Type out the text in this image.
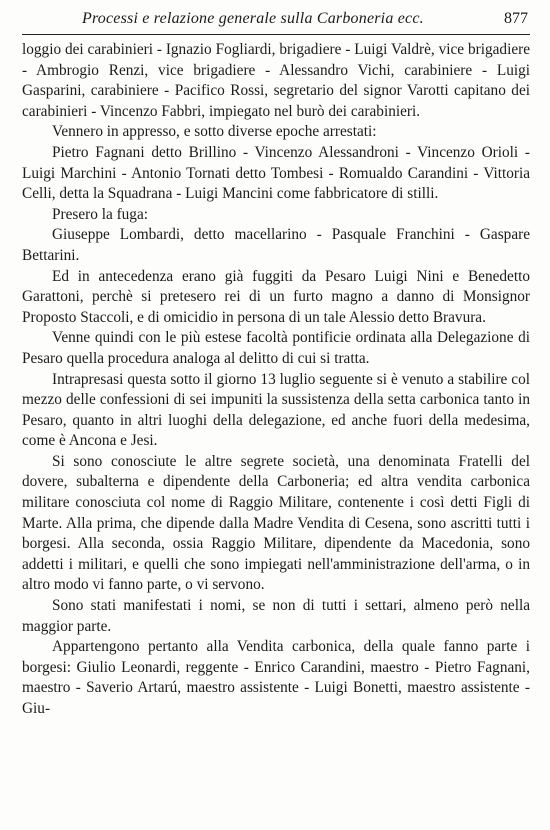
Processi e relazione generale sulla Carboneria ecc.	877

loggio dei carabinieri - Ignazio Fogliardi, brigadiere - Luigi Valdrè, vice brigadiere - Ambrogio Renzi, vice brigadiere - Alessandro Vichi, carabiniere - Luigi Gasparini, carabiniere - Pacifico Rossi, segretario del signor Varotti capitano dei carabinieri - Vincenzo Fabbri, impiegato nel burò dei carabinieri.

Vennero in appresso, e sotto diverse epoche arrestati:

Pietro Fagnani detto Brillino - Vincenzo Alessandroni - Vincenzo Orioli - Luigi Marchini - Antonio Tornati detto Tombesi - Romualdo Carandini - Vittoria Celli, detta la Squadrana - Luigi Mancini come fabbricatore di stilli.

Presero la fuga:

Giuseppe Lombardi, detto macellarino - Pasquale Franchini - Gaspare Bettarini.

Ed in antecedenza erano già fuggiti da Pesaro Luigi Nini e Benedetto Garattoni, perchè si pretesero rei di un furto magno a danno di Monsignor Proposto Staccoli, e di omicidio in persona di un tale Alessio detto Bravura.

Venne quindi con le più estese facoltà pontificie ordinata alla Delegazione di Pesaro quella procedura analoga al delitto di cui si tratta.

Intrapresasi questa sotto il giorno 13 luglio seguente si è venuto a stabilire col mezzo delle confessioni di sei impuniti la sussistenza della setta carbonica tanto in Pesaro, quanto in altri luoghi della delegazione, ed anche fuori della medesima, come è Ancona e Jesi.

Si sono conosciute le altre segrete società, una denominata Fratelli del dovere, subalterna e dipendente della Carboneria; ed altra vendita carbonica militare conosciuta col nome di Raggio Militare, contenente i così detti Figli di Marte. Alla prima, che dipende dalla Madre Vendita di Cesena, sono ascritti tutti i borgesi. Alla seconda, ossia Raggio Militare, dipendente da Macedonia, sono addetti i militari, e quelli che sono impiegati nell'amministrazione dell'arma, o in altro modo vi fanno parte, o vi servono.

Sono stati manifestati i nomi, se non di tutti i settari, almeno però nella maggior parte.

Appartengono pertanto alla Vendita carbonica, della quale fanno parte i borgesi: Giulio Leonardi, reggente - Enrico Carandini, maestro - Pietro Fagnani, maestro - Saverio Artarú, maestro assistente - Luigi Bonetti, maestro assistente - Giu-
